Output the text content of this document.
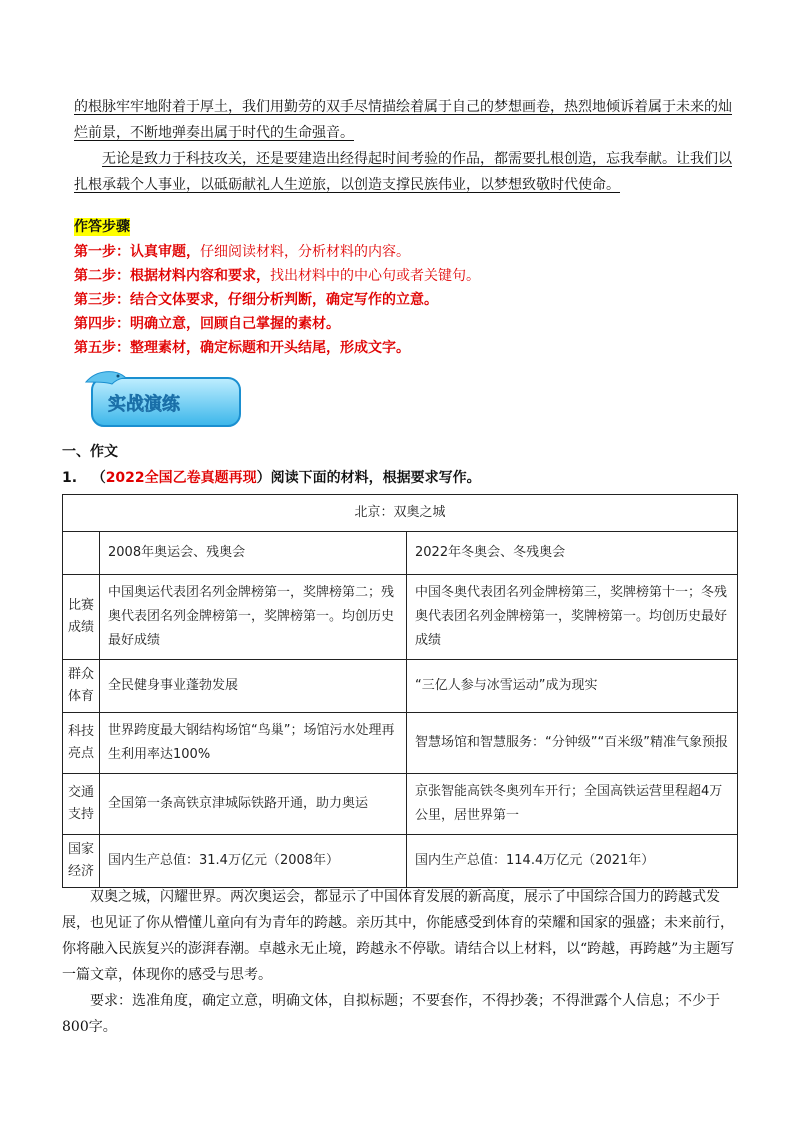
的根脉牢牢地附着于厚土，我们用勤劳的双手尽情描绘着属于自己的梦想画卷，热烈地倾诉着属于未来的灿烂前景，不断地弹奏出属于时代的生命强音。

无论是致力于科技攻关，还是要建造出经得起时间考验的作品，都需要扎根创造，忘我奉献。让我们以扎根承载个人事业，以砥砺献礼人生逆旅，以创造支撑民族伟业，以梦想致敬时代使命。

作答步骤
第一步：认真审题，仔细阅读材料，分析材料的内容。
第二步：根据材料内容和要求，找出材料中的中心句或者关键句。
第三步：结合文体要求，仔细分析判断，确定写作的立意。
第四步：明确立意，回顾自己掌握的素材。
第五步：整理素材，确定标题和开头结尾，形成文字。
实战演练
一、作文
1. （2022全国乙卷真题再现）阅读下面的材料，根据要求写作。
北京：双奥之城		
	2008年奥运会、残奥会	2022年冬奥会、冬残奥会
比赛成绩	中国奥运代表团名列金牌榜第一，奖牌榜第二；残奥代表团名列金牌榜第一，奖牌榜第一。均创历史最好成绩	中国冬奥代表团名列金牌榜第三，奖牌榜第十一；冬残奥代表团名列金牌榜第一，奖牌榜第一。均创历史最好成绩
群众体育	全民健身事业蓬勃发展	“三亿人参与冰雪运动”成为现实
科技亮点	世界跨度最大钢结构场馆“鸟巢”；场馆污水处理再生利用率达100%	智慧场馆和智慧服务：“分钟级”“百米级”精准气象预报
交通支持	全国第一条高铁京津城际铁路开通，助力奥运	京张智能高铁冬奥列车开行；全国高铁运营里程超4万公里，居世界第一
国家经济	国内生产总值：31.4万亿元（2008年）	国内生产总值：114.4万亿元（2021年）

双奥之城，闪耀世界。两次奥运会，都显示了中国体育发展的新高度，展示了中国综合国力的跨越式发展，也见证了你从懵懂儿童向有为青年的跨越。亲历其中，你能感受到体育的荣耀和国家的强盛；未来前行，你将融入民族复兴的澎湃春潮。卓越永无止境，跨越永不停歇。请结合以上材料，以“跨越，再跨越”为主题写一篇文章，体现你的感受与思考。

要求：选准角度，确定立意，明确文体，自拟标题；不要套作，不得抄袭；不得泄露个人信息；不少于800字。
